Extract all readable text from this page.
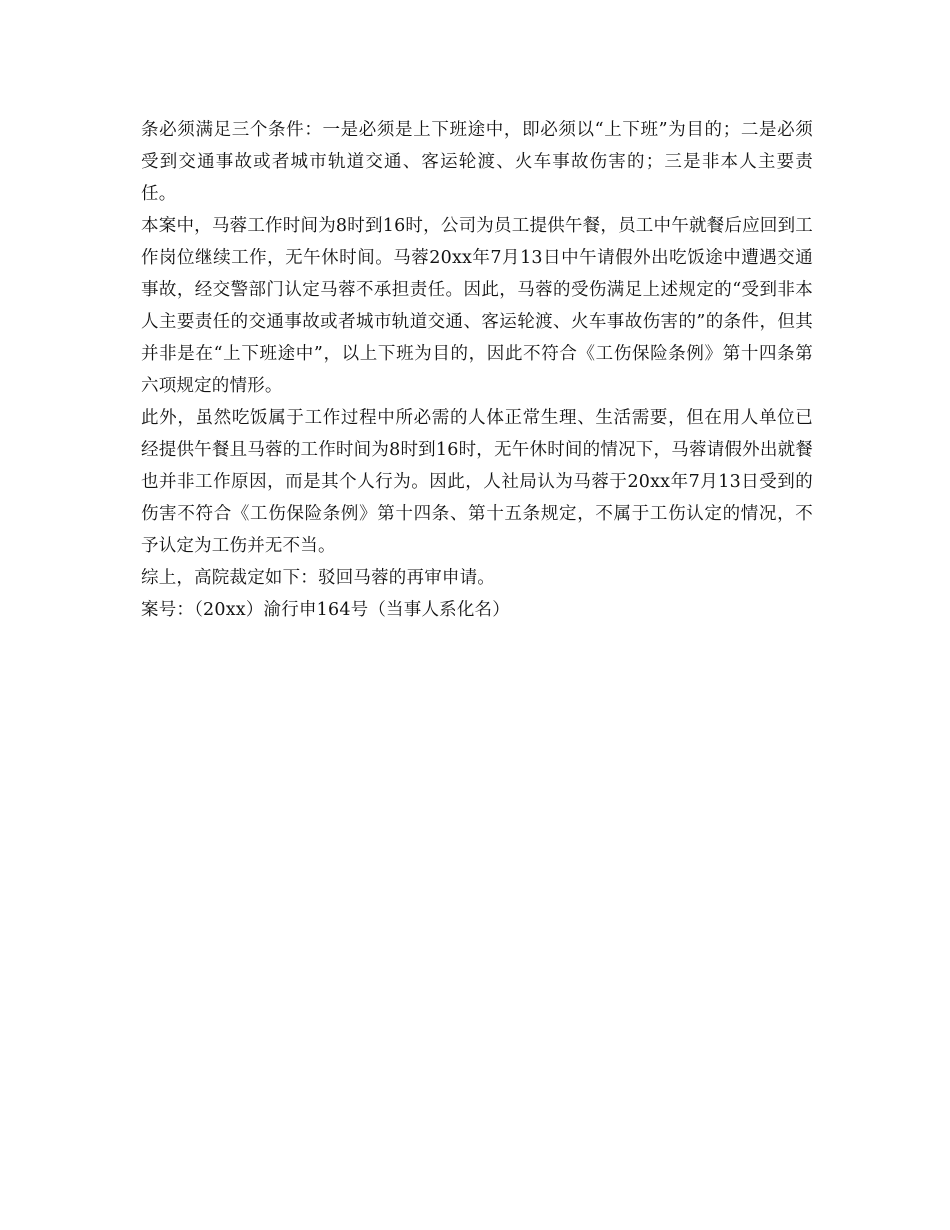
条必须满足三个条件：一是必须是上下班途中，即必须以“上下班”为目的；二是必须受到交通事故或者城市轨道交通、客运轮渡、火车事故伤害的；三是非本人主要责任。

本案中，马蓉工作时间为8时到16时，公司为员工提供午餐，员工中午就餐后应回到工作岗位继续工作，无午休时间。马蓉20xx年7月13日中午请假外出吃饭途中遭遇交通事故，经交警部门认定马蓉不承担责任。因此，马蓉的受伤满足上述规定的“受到非本人主要责任的交通事故或者城市轨道交通、客运轮渡、火车事故伤害的”的条件，但其并非是在“上下班途中”，以上下班为目的，因此不符合《工伤保险条例》第十四条第六项规定的情形。

此外，虽然吃饭属于工作过程中所必需的人体正常生理、生活需要，但在用人单位已经提供午餐且马蓉的工作时间为8时到16时，无午休时间的情况下，马蓉请假外出就餐也并非工作原因，而是其个人行为。因此，人社局认为马蓉于20xx年7月13日受到的伤害不符合《工伤保险条例》第十四条、第十五条规定，不属于工伤认定的情况，不予认定为工伤并无不当。

综上，高院裁定如下：驳回马蓉的再审申请。

案号：（20xx）渝行申164号（当事人系化名）
